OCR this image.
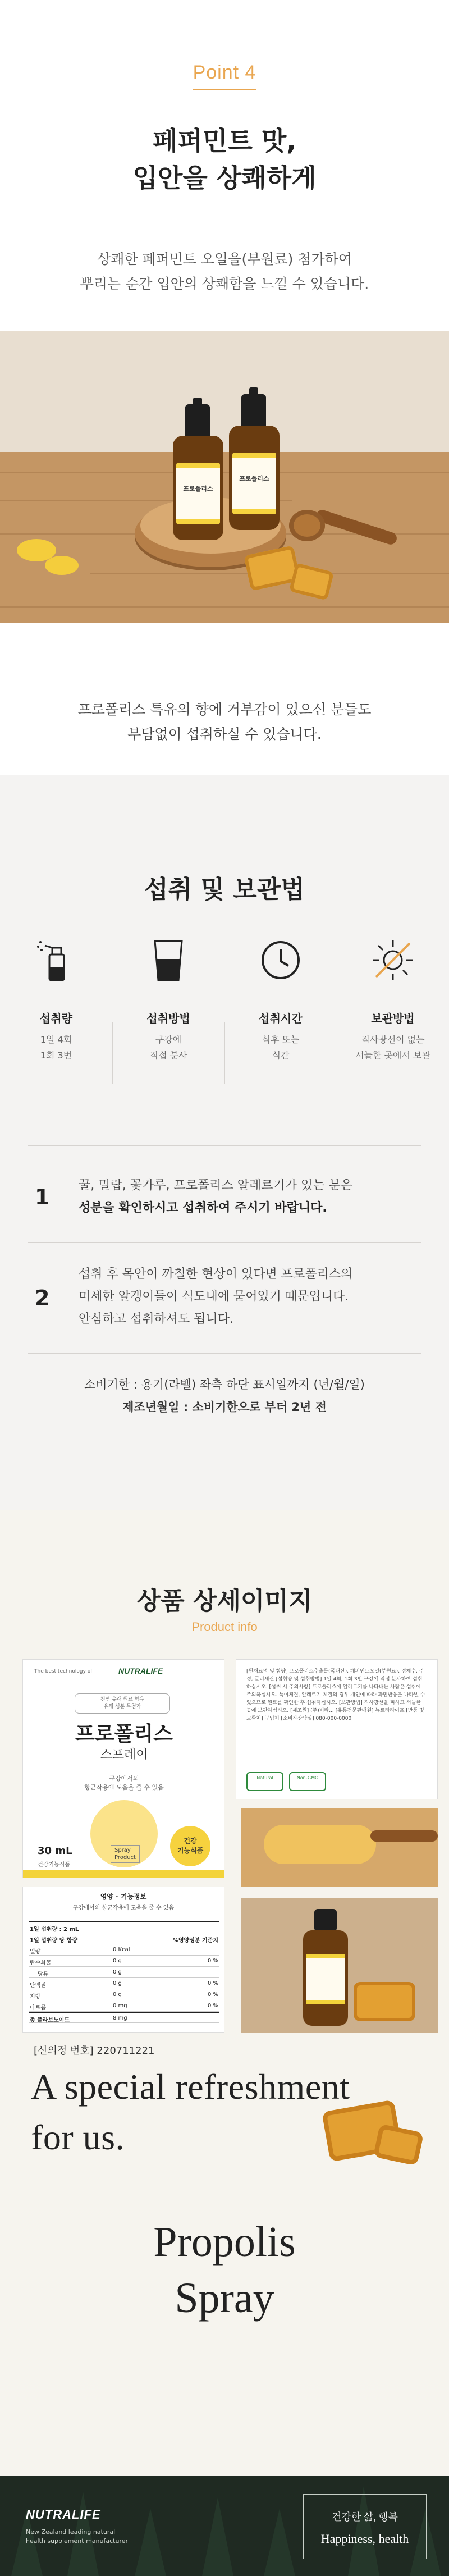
Point 4
페퍼민트 맛,
입안을 상쾌하게
상쾌한 페퍼민트 오일을(부원료) 첨가하여
뿌리는 순간 입안의 상쾌함을 느낄 수 있습니다.
프로폴리스
프로폴리스
프로폴리스 특유의 향에 거부감이 있으신 분들도
부담없이 섭취하실 수 있습니다.
섭취 및 보관법
섭취량
1일 4회
1회 3번
섭취방법
구강에
직접 분사
섭취시간
식후 또는
식간
보관방법
직사광선이 없는
서늘한 곳에서 보관
1 꿀, 밀랍, 꽃가루, 프로폴리스 알레르기가 있는 분은
성분을 확인하시고 섭취하여 주시기 바랍니다.
2
섭취 후 목안이 까칠한 현상이 있다면 프로폴리스의
미세한 알갱이들이 식도내에 묻어있기 때문입니다.
안심하고 섭취하셔도 됩니다.
소비기한 : 용기(라벨) 좌측 하단 표시일까지 (년/월/일)
제조년월일 : 소비기한으로 부터 2년 전
상품 상세이미지
Product info
The best technology of	NUTRALIFE
천연 유래 원료 함유
유해 성분 무첨가
프로폴리스
스프레이
구강에서의
항균작용에 도움을 줄 수 있음
건강
기능식품
30 mL
건강기능식품
Spray
Product
[원재료명 및 함량] 프로폴리스추출물(국내산), 페퍼민트오일(부원료), 정제수, 주정, 글리세린 [섭취량 및 섭취방법] 1일 4회, 1회 3번 구강에 직접 분사하여 섭취하십시오. [섭취 시 주의사항] 프로폴리스에 알레르기를 나타내는 사람은 섭취에 주의하십시오. 특이체질, 알레르기 체질의 경우 개인에 따라 과민반응을 나타낼 수 있으므로 원료를 확인한 후 섭취하십시오. [보관방법] 직사광선을 피하고 서늘한 곳에 보관하십시오. [제조원] (주)비타... [유통전문판매원] 뉴트라라이프 [반품 및 교환처] 구입처 [소비자상담실] 080-000-0000
Natural	Non-GMO
영양 · 기능정보
구강에서의 항균작용에 도움을 줄 수 있음
1일 섭취량 : 2 mL
1일 섭취량 당 함량	%영양성분 기준치
열량	0 Kcal
탄수화물	0 g	0 %
당류	0 g
단백질	0 g	0 %
지방	0 g	0 %
나트륨	0 mg	0 %
총 플라보노이드	8 mg
[신의정 번호] 220711221
A special refreshment
for us.
Propolis
Spray
NUTRALIFE
New Zealand leading natural
health supplement manufacturer
건강한 삶, 행복
Happiness, health
